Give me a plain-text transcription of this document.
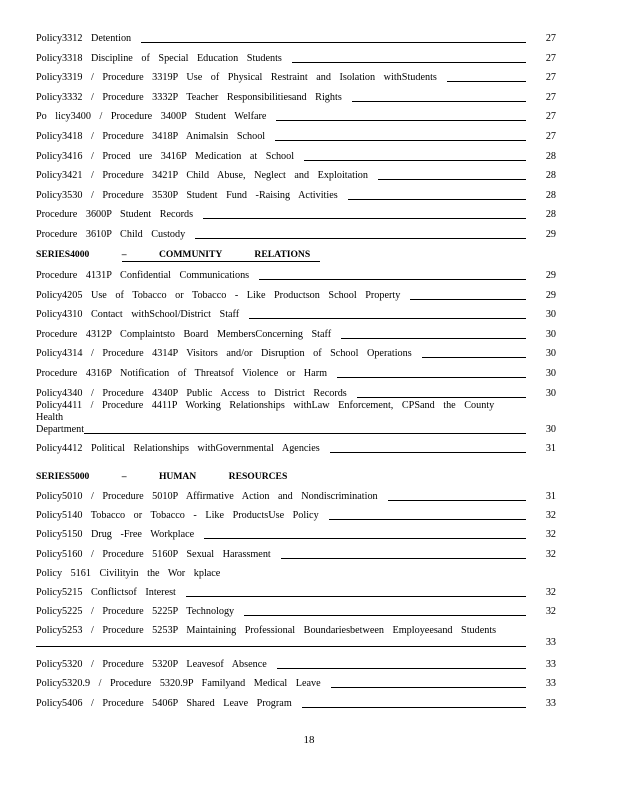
Policy3312 Detention	27
Policy3318 Discipline of Special Education Students	27
Policy3319 / Procedure 3319P Use of Physical Restraint and Isolation withStudents	27
Policy3332 / Procedure 3332P Teacher Responsibilitiesand Rights	27
Po licy3400 / Procedure 3400P Student Welfare	27
Policy3418 / Procedure 3418P Animalsin School	27
Policy3416 / Proced ure 3416P Medication at School	28
Policy3421 / Procedure 3421P Child Abuse, Neglect and Exploitation	28
Policy3530 / Procedure 3530P Student Fund -Raising Activities	28
Procedure 3600P Student Records	28
Procedure 3610P Child Custody	29
SERIES4000	–	COMMUNITY RELATIONS
Procedure 4131P Confidential Communications	29
Policy4205 Use of Tobacco or Tobacco - Like Productson School Property	29
Policy4310 Contact withSchool/District Staff	30
Procedure 4312P Complaintsto Board MembersConcerning Staff	30
Policy4314 / Procedure 4314P Visitors and/or Disruption of School Operations	30
Procedure 4316P Notification of Threatsof Violence or Harm	30
Policy4340 / Procedure 4340P Public Access to District Records	30
Policy4411 / Procedure 4411P Working Relationships withLaw Enforcement, CPSand the County
Health
Department	30
Policy4412 Political Relationships withGovernmental Agencies	31
SERIES5000	–	HUMAN RESOURCES
Policy5010 / Procedure 5010P Affirmative Action and Nondiscrimination	31
Policy5140 Tobacco or Tobacco - Like ProductsUse Policy	32
Policy5150 Drug -Free Workplace	32
Policy5160 / Procedure 5160P Sexual Harassment	32
Policy 5161 Civilityin the Wor kplace
Policy5215 Conflictsof Interest	32
Policy5225 / Procedure 5225P Technology	32
Policy5253 / Procedure 5253P Maintaining Professional Boundariesbetween Employeesand Students
33
Policy5320 / Procedure 5320P Leavesof Absence	33
Policy5320.9 / Procedure 5320.9P Familyand Medical Leave	33
Policy5406 / Procedure 5406P Shared Leave Program	33
18
